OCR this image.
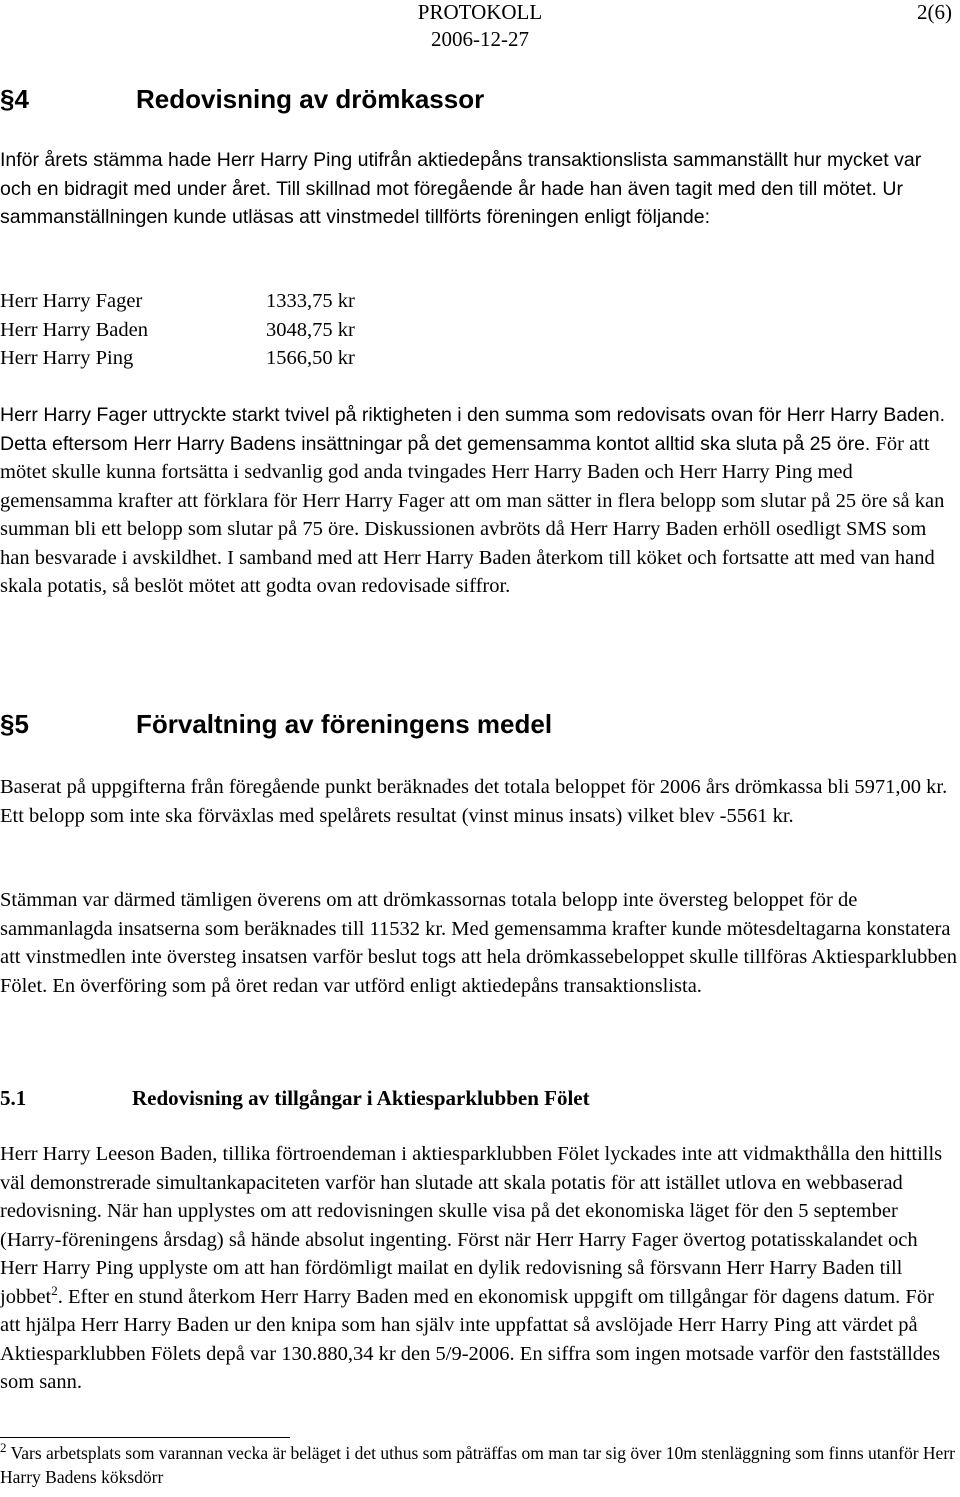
PROTOKOLL
2006-12-27
2(6)
§4	Redovisning av drömkassor
Inför årets stämma hade Herr Harry Ping utifrån aktiedepåns transaktionslista sammanställt hur mycket var och en bidragit med under året. Till skillnad mot föregående år hade han även tagit med den till mötet. Ur sammanställningen kunde utläsas att vinstmedel tillförts föreningen enligt följande:
Herr Harry Fager	1333,75 kr
Herr Harry Baden	3048,75 kr
Herr Harry Ping	1566,50 kr
Herr Harry Fager uttryckte starkt tvivel på riktigheten i den summa som redovisats ovan för Herr Harry Baden. Detta eftersom Herr Harry Badens insättningar på det gemensamma kontot alltid ska sluta på 25 öre. För att mötet skulle kunna fortsätta i sedvanlig god anda tvingades Herr Harry Baden och Herr Harry Ping med gemensamma krafter att förklara för Herr Harry Fager att om man sätter in flera belopp som slutar på 25 öre så kan summan bli ett belopp som slutar på 75 öre. Diskussionen avbröts då Herr Harry Baden erhöll osedligt SMS som han besvarade i avskildhet. I samband med att Herr Harry Baden återkom till köket och fortsatte att med van hand skala potatis, så beslöt mötet att godta ovan redovisade siffror.
§5	Förvaltning av föreningens medel
Baserat på uppgifterna från föregående punkt beräknades det totala beloppet för 2006 års drömkassa bli 5971,00 kr. Ett belopp som inte ska förväxlas med spelårets resultat (vinst minus insats) vilket blev -5561 kr.
Stämman var därmed tämligen överens om att drömkassornas totala belopp inte översteg beloppet för de sammanlagda insatserna som beräknades till 11532 kr. Med gemensamma krafter kunde mötesdeltagarna konstatera att vinstmedlen inte översteg insatsen varför beslut togs att hela drömkassebeloppet skulle tillföras Aktiesparklubben Fölet. En överföring som på öret redan var utförd enligt aktiedepåns transaktionslista.
5.1	Redovisning av tillgångar i Aktiesparklubben Fölet
Herr Harry Leeson Baden, tillika förtroendeman i aktiesparklubben Fölet lyckades inte att vidmakthålla den hittills väl demonstrerade simultankapaciteten varför han slutade att skala potatis för att istället utlova en webbaserad redovisning. När han upplystes om att redovisningen skulle visa på det ekonomiska läget för den 5 september (Harry-föreningens årsdag) så hände absolut ingenting. Först när Herr Harry Fager övertog potatisskalandet och Herr Harry Ping upplyste om att han fördömligt mailat en dylik redovisning så försvann Herr Harry Baden till jobbet$^2$. Efter en stund återkom Herr Harry Baden med en ekonomisk uppgift om tillgångar för dagens datum. För att hjälpa Herr Harry Baden ur den knipa som han själv inte uppfattat så avslöjade Herr Harry Ping att värdet på Aktiesparklubben Fölets depå var 130.880,34 kr den 5/9-2006. En siffra som ingen motsade varför den fastställdes som sann.
$^2$ Vars arbetsplats som varannan vecka är beläget i det uthus som påträffas om man tar sig över 10m stenläggning som finns utanför Herr Harry Badens köksdörr
